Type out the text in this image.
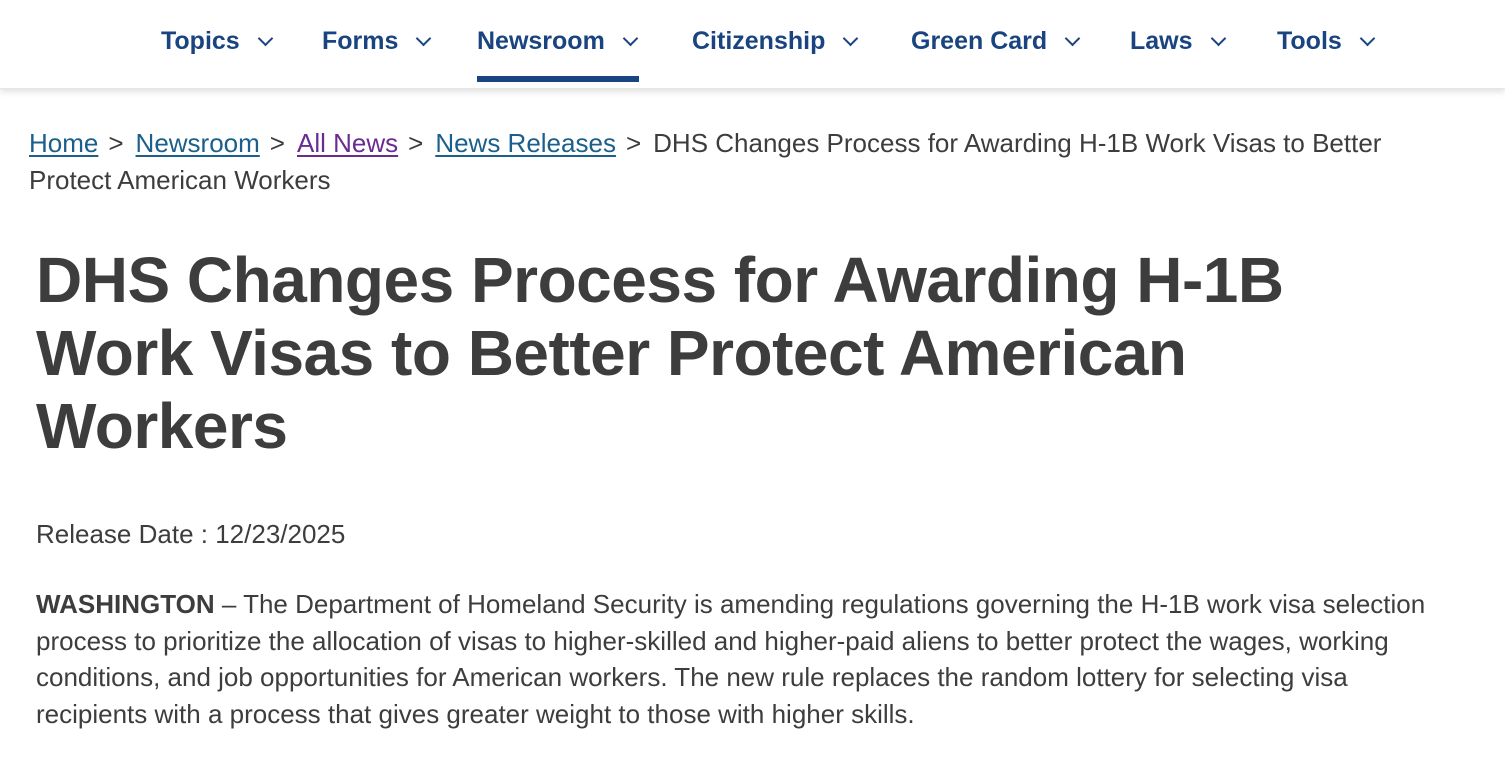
Topics	Forms	Newsroom	Citizenship	Green Card	Laws	Tools
Home > Newsroom > All News > News Releases > DHS Changes Process for Awarding H-1B Work Visas to Better Protect American Workers
DHS Changes Process for Awarding H-1B Work Visas to Better Protect American Workers
Release Date : 12/23/2025

WASHINGTON – The Department of Homeland Security is amending regulations governing the H-1B work visa selection process to prioritize the allocation of visas to higher-skilled and higher-paid aliens to better protect the wages, working conditions, and job opportunities for American workers. The new rule replaces the random lottery for selecting visa recipients with a process that gives greater weight to those with higher skills.
